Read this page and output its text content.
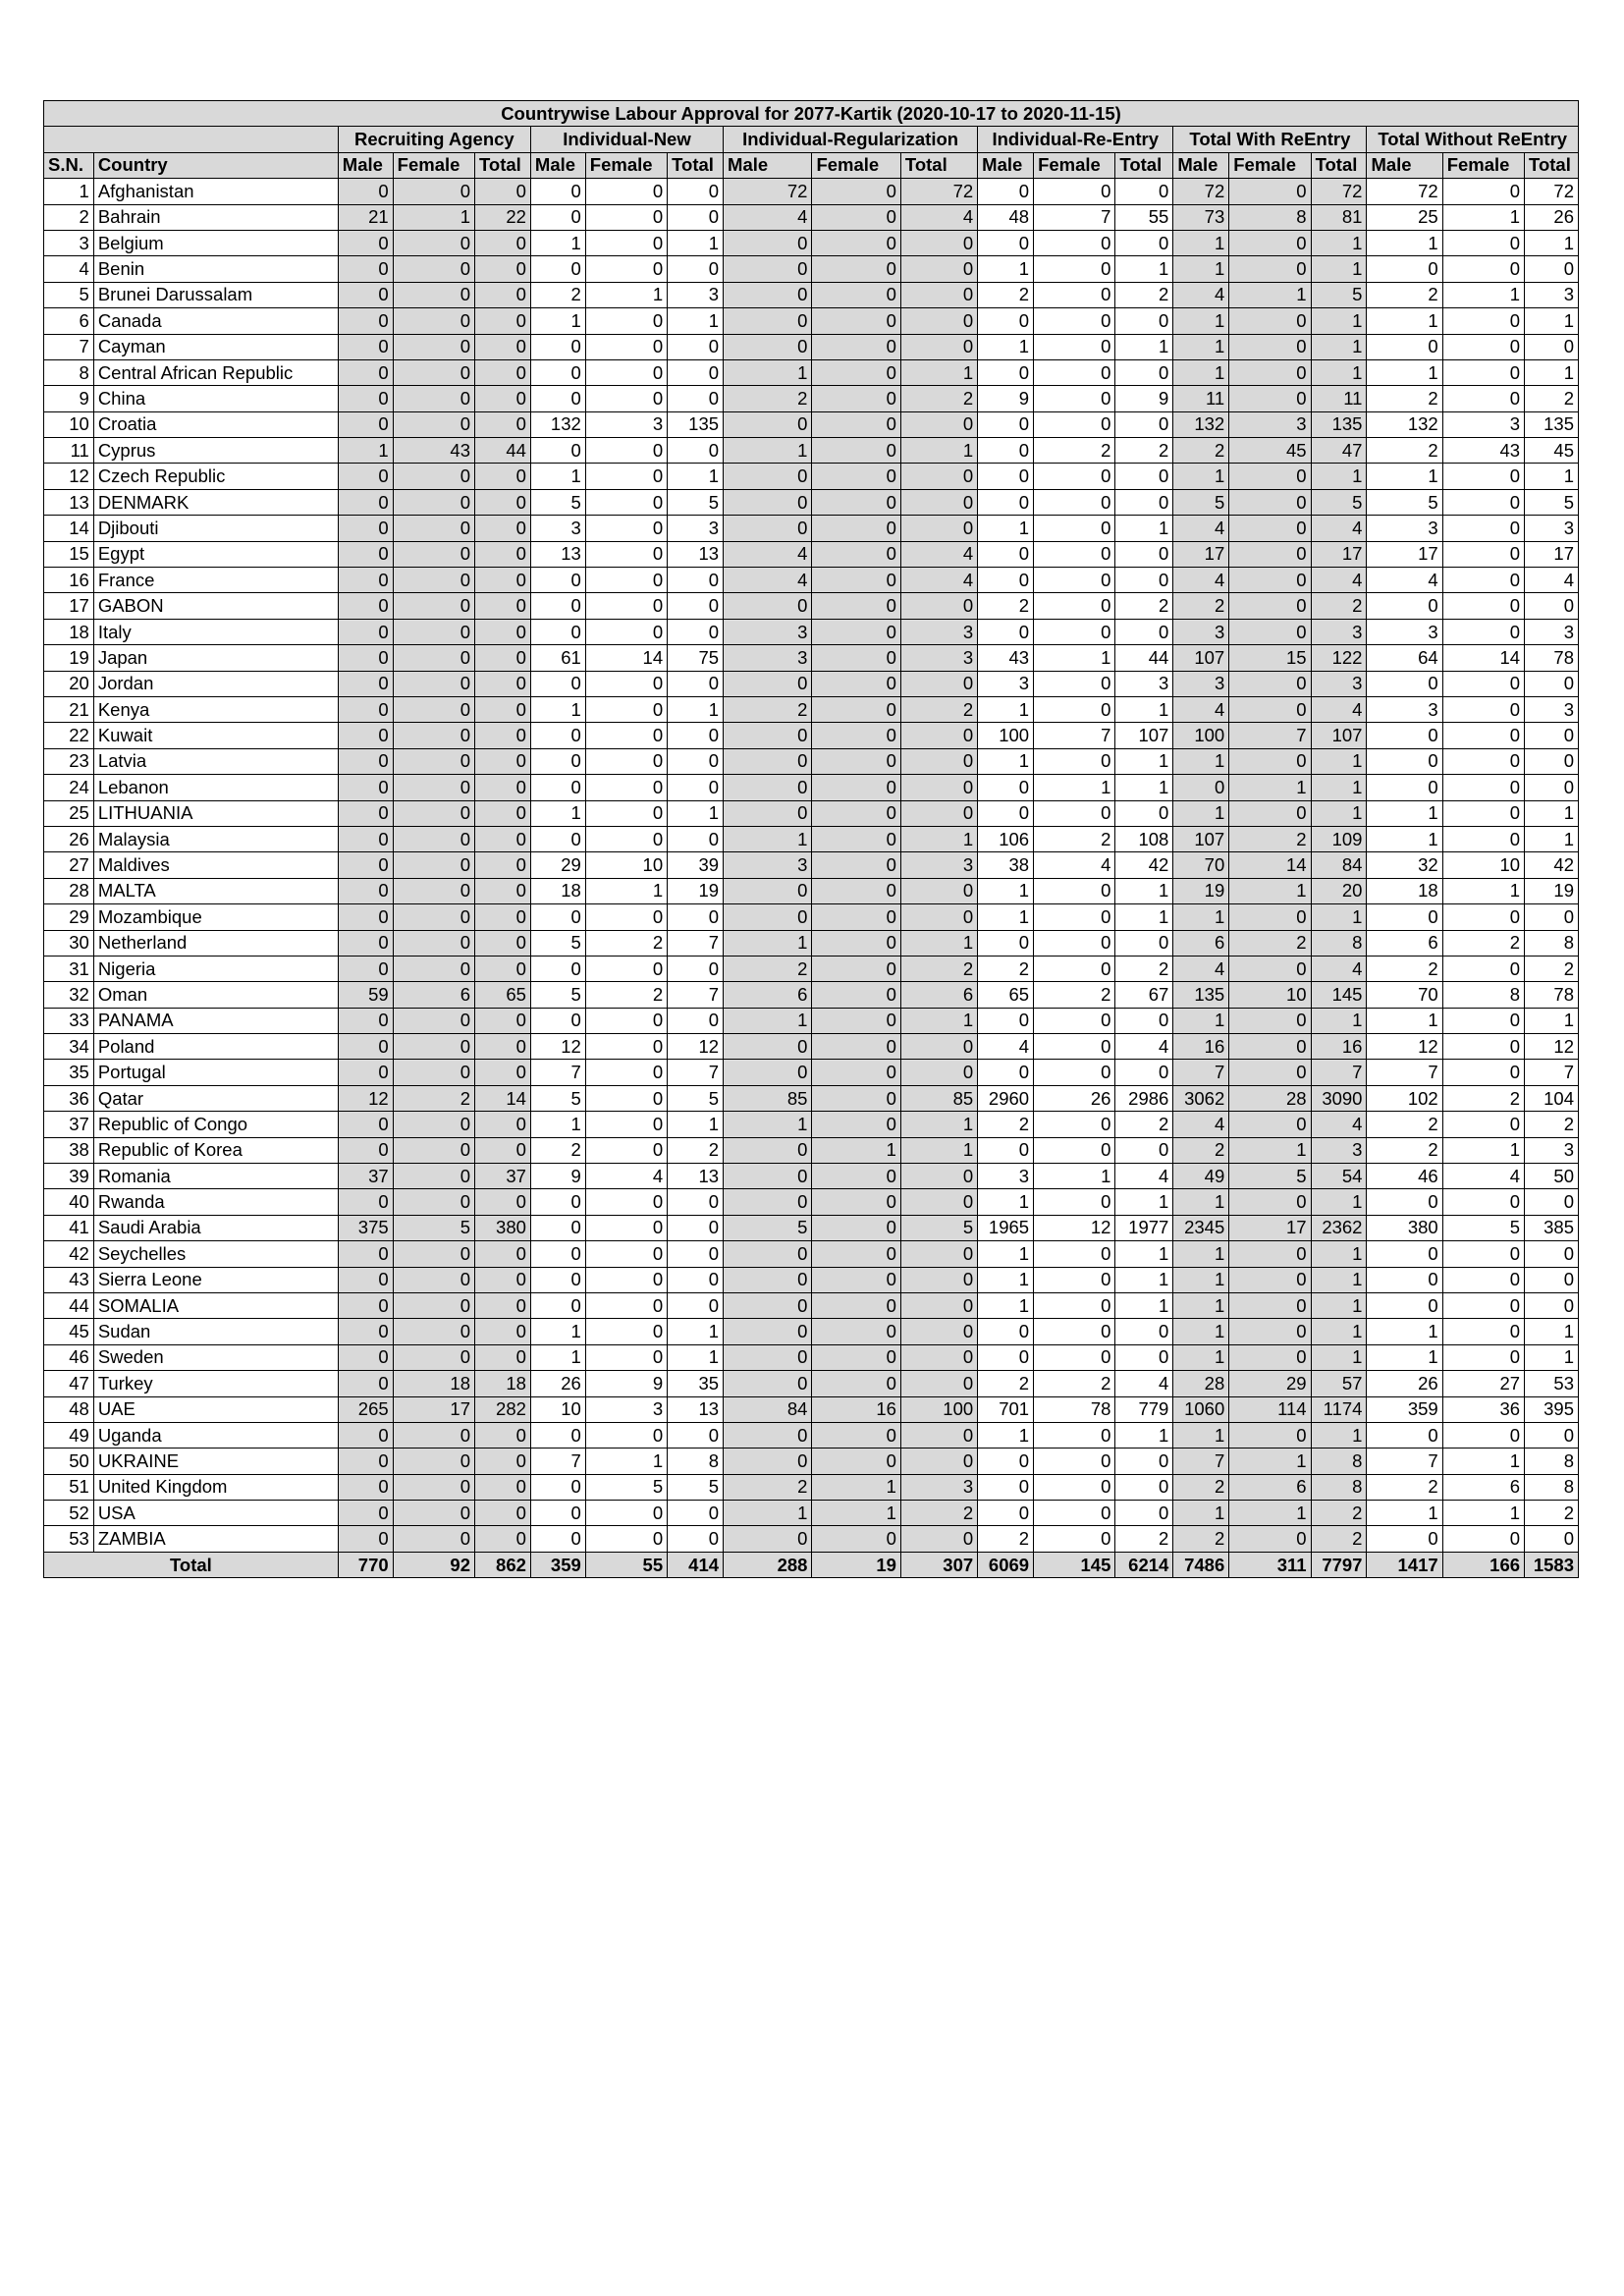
Countrywise Labour Approval for 2077-Kartik (2020-10-17 to 2020-11-15)																			
		Recruiting Agency			Individual-New			Individual-Regularization			Individual-Re-Entry			Total With ReEntry			Total Without ReEntry		
S.N.	Country	Male	Female	Total	Male	Female	Total	Male	Female	Total	Male	Female	Total	Male	Female	Total	Male	Female	Total
1	Afghanistan	0	0	0	0	0	0	72	0	72	0	0	0	72	0	72	72	0	72
2	Bahrain	21	1	22	0	0	0	4	0	4	48	7	55	73	8	81	25	1	26
3	Belgium	0	0	0	1	0	1	0	0	0	0	0	0	1	0	1	1	0	1
4	Benin	0	0	0	0	0	0	0	0	0	1	0	1	1	0	1	0	0	0
5	Brunei Darussalam	0	0	0	2	1	3	0	0	0	2	0	2	4	1	5	2	1	3
6	Canada	0	0	0	1	0	1	0	0	0	0	0	0	1	0	1	1	0	1
7	Cayman	0	0	0	0	0	0	0	0	0	1	0	1	1	0	1	0	0	0
8	Central African Republic	0	0	0	0	0	0	1	0	1	0	0	0	1	0	1	1	0	1
9	China	0	0	0	0	0	0	2	0	2	9	0	9	11	0	11	2	0	2
10	Croatia	0	0	0	132	3	135	0	0	0	0	0	0	132	3	135	132	3	135
11	Cyprus	1	43	44	0	0	0	1	0	1	0	2	2	2	45	47	2	43	45
12	Czech Republic	0	0	0	1	0	1	0	0	0	0	0	0	1	0	1	1	0	1
13	DENMARK	0	0	0	5	0	5	0	0	0	0	0	0	5	0	5	5	0	5
14	Djibouti	0	0	0	3	0	3	0	0	0	1	0	1	4	0	4	3	0	3
15	Egypt	0	0	0	13	0	13	4	0	4	0	0	0	17	0	17	17	0	17
16	France	0	0	0	0	0	0	4	0	4	0	0	0	4	0	4	4	0	4
17	GABON	0	0	0	0	0	0	0	0	0	2	0	2	2	0	2	0	0	0
18	Italy	0	0	0	0	0	0	3	0	3	0	0	0	3	0	3	3	0	3
19	Japan	0	0	0	61	14	75	3	0	3	43	1	44	107	15	122	64	14	78
20	Jordan	0	0	0	0	0	0	0	0	0	3	0	3	3	0	3	0	0	0
21	Kenya	0	0	0	1	0	1	2	0	2	1	0	1	4	0	4	3	0	3
22	Kuwait	0	0	0	0	0	0	0	0	0	100	7	107	100	7	107	0	0	0
23	Latvia	0	0	0	0	0	0	0	0	0	1	0	1	1	0	1	0	0	0
24	Lebanon	0	0	0	0	0	0	0	0	0	0	1	1	0	1	1	0	0	0
25	LITHUANIA	0	0	0	1	0	1	0	0	0	0	0	0	1	0	1	1	0	1
26	Malaysia	0	0	0	0	0	0	1	0	1	106	2	108	107	2	109	1	0	1
27	Maldives	0	0	0	29	10	39	3	0	3	38	4	42	70	14	84	32	10	42
28	MALTA	0	0	0	18	1	19	0	0	0	1	0	1	19	1	20	18	1	19
29	Mozambique	0	0	0	0	0	0	0	0	0	1	0	1	1	0	1	0	0	0
30	Netherland	0	0	0	5	2	7	1	0	1	0	0	0	6	2	8	6	2	8
31	Nigeria	0	0	0	0	0	0	2	0	2	2	0	2	4	0	4	2	0	2
32	Oman	59	6	65	5	2	7	6	0	6	65	2	67	135	10	145	70	8	78
33	PANAMA	0	0	0	0	0	0	1	0	1	0	0	0	1	0	1	1	0	1
34	Poland	0	0	0	12	0	12	0	0	0	4	0	4	16	0	16	12	0	12
35	Portugal	0	0	0	7	0	7	0	0	0	0	0	0	7	0	7	7	0	7
36	Qatar	12	2	14	5	0	5	85	0	85	2960	26	2986	3062	28	3090	102	2	104
37	Republic of Congo	0	0	0	1	0	1	1	0	1	2	0	2	4	0	4	2	0	2
38	Republic of Korea	0	0	0	2	0	2	0	1	1	0	0	0	2	1	3	2	1	3
39	Romania	37	0	37	9	4	13	0	0	0	3	1	4	49	5	54	46	4	50
40	Rwanda	0	0	0	0	0	0	0	0	0	1	0	1	1	0	1	0	0	0
41	Saudi Arabia	375	5	380	0	0	0	5	0	5	1965	12	1977	2345	17	2362	380	5	385
42	Seychelles	0	0	0	0	0	0	0	0	0	1	0	1	1	0	1	0	0	0
43	Sierra Leone	0	0	0	0	0	0	0	0	0	1	0	1	1	0	1	0	0	0
44	SOMALIA	0	0	0	0	0	0	0	0	0	1	0	1	1	0	1	0	0	0
45	Sudan	0	0	0	1	0	1	0	0	0	0	0	0	1	0	1	1	0	1
46	Sweden	0	0	0	1	0	1	0	0	0	0	0	0	1	0	1	1	0	1
47	Turkey	0	18	18	26	9	35	0	0	0	2	2	4	28	29	57	26	27	53
48	UAE	265	17	282	10	3	13	84	16	100	701	78	779	1060	114	1174	359	36	395
49	Uganda	0	0	0	0	0	0	0	0	0	1	0	1	1	0	1	0	0	0
50	UKRAINE	0	0	0	7	1	8	0	0	0	0	0	0	7	1	8	7	1	8
51	United Kingdom	0	0	0	0	5	5	2	1	3	0	0	0	2	6	8	2	6	8
52	USA	0	0	0	0	0	0	1	1	2	0	0	0	1	1	2	1	1	2
53	ZAMBIA	0	0	0	0	0	0	0	0	0	2	0	2	2	0	2	0	0	0
Total		770	92	862	359	55	414	288	19	307	6069	145	6214	7486	311	7797	1417	166	1583
